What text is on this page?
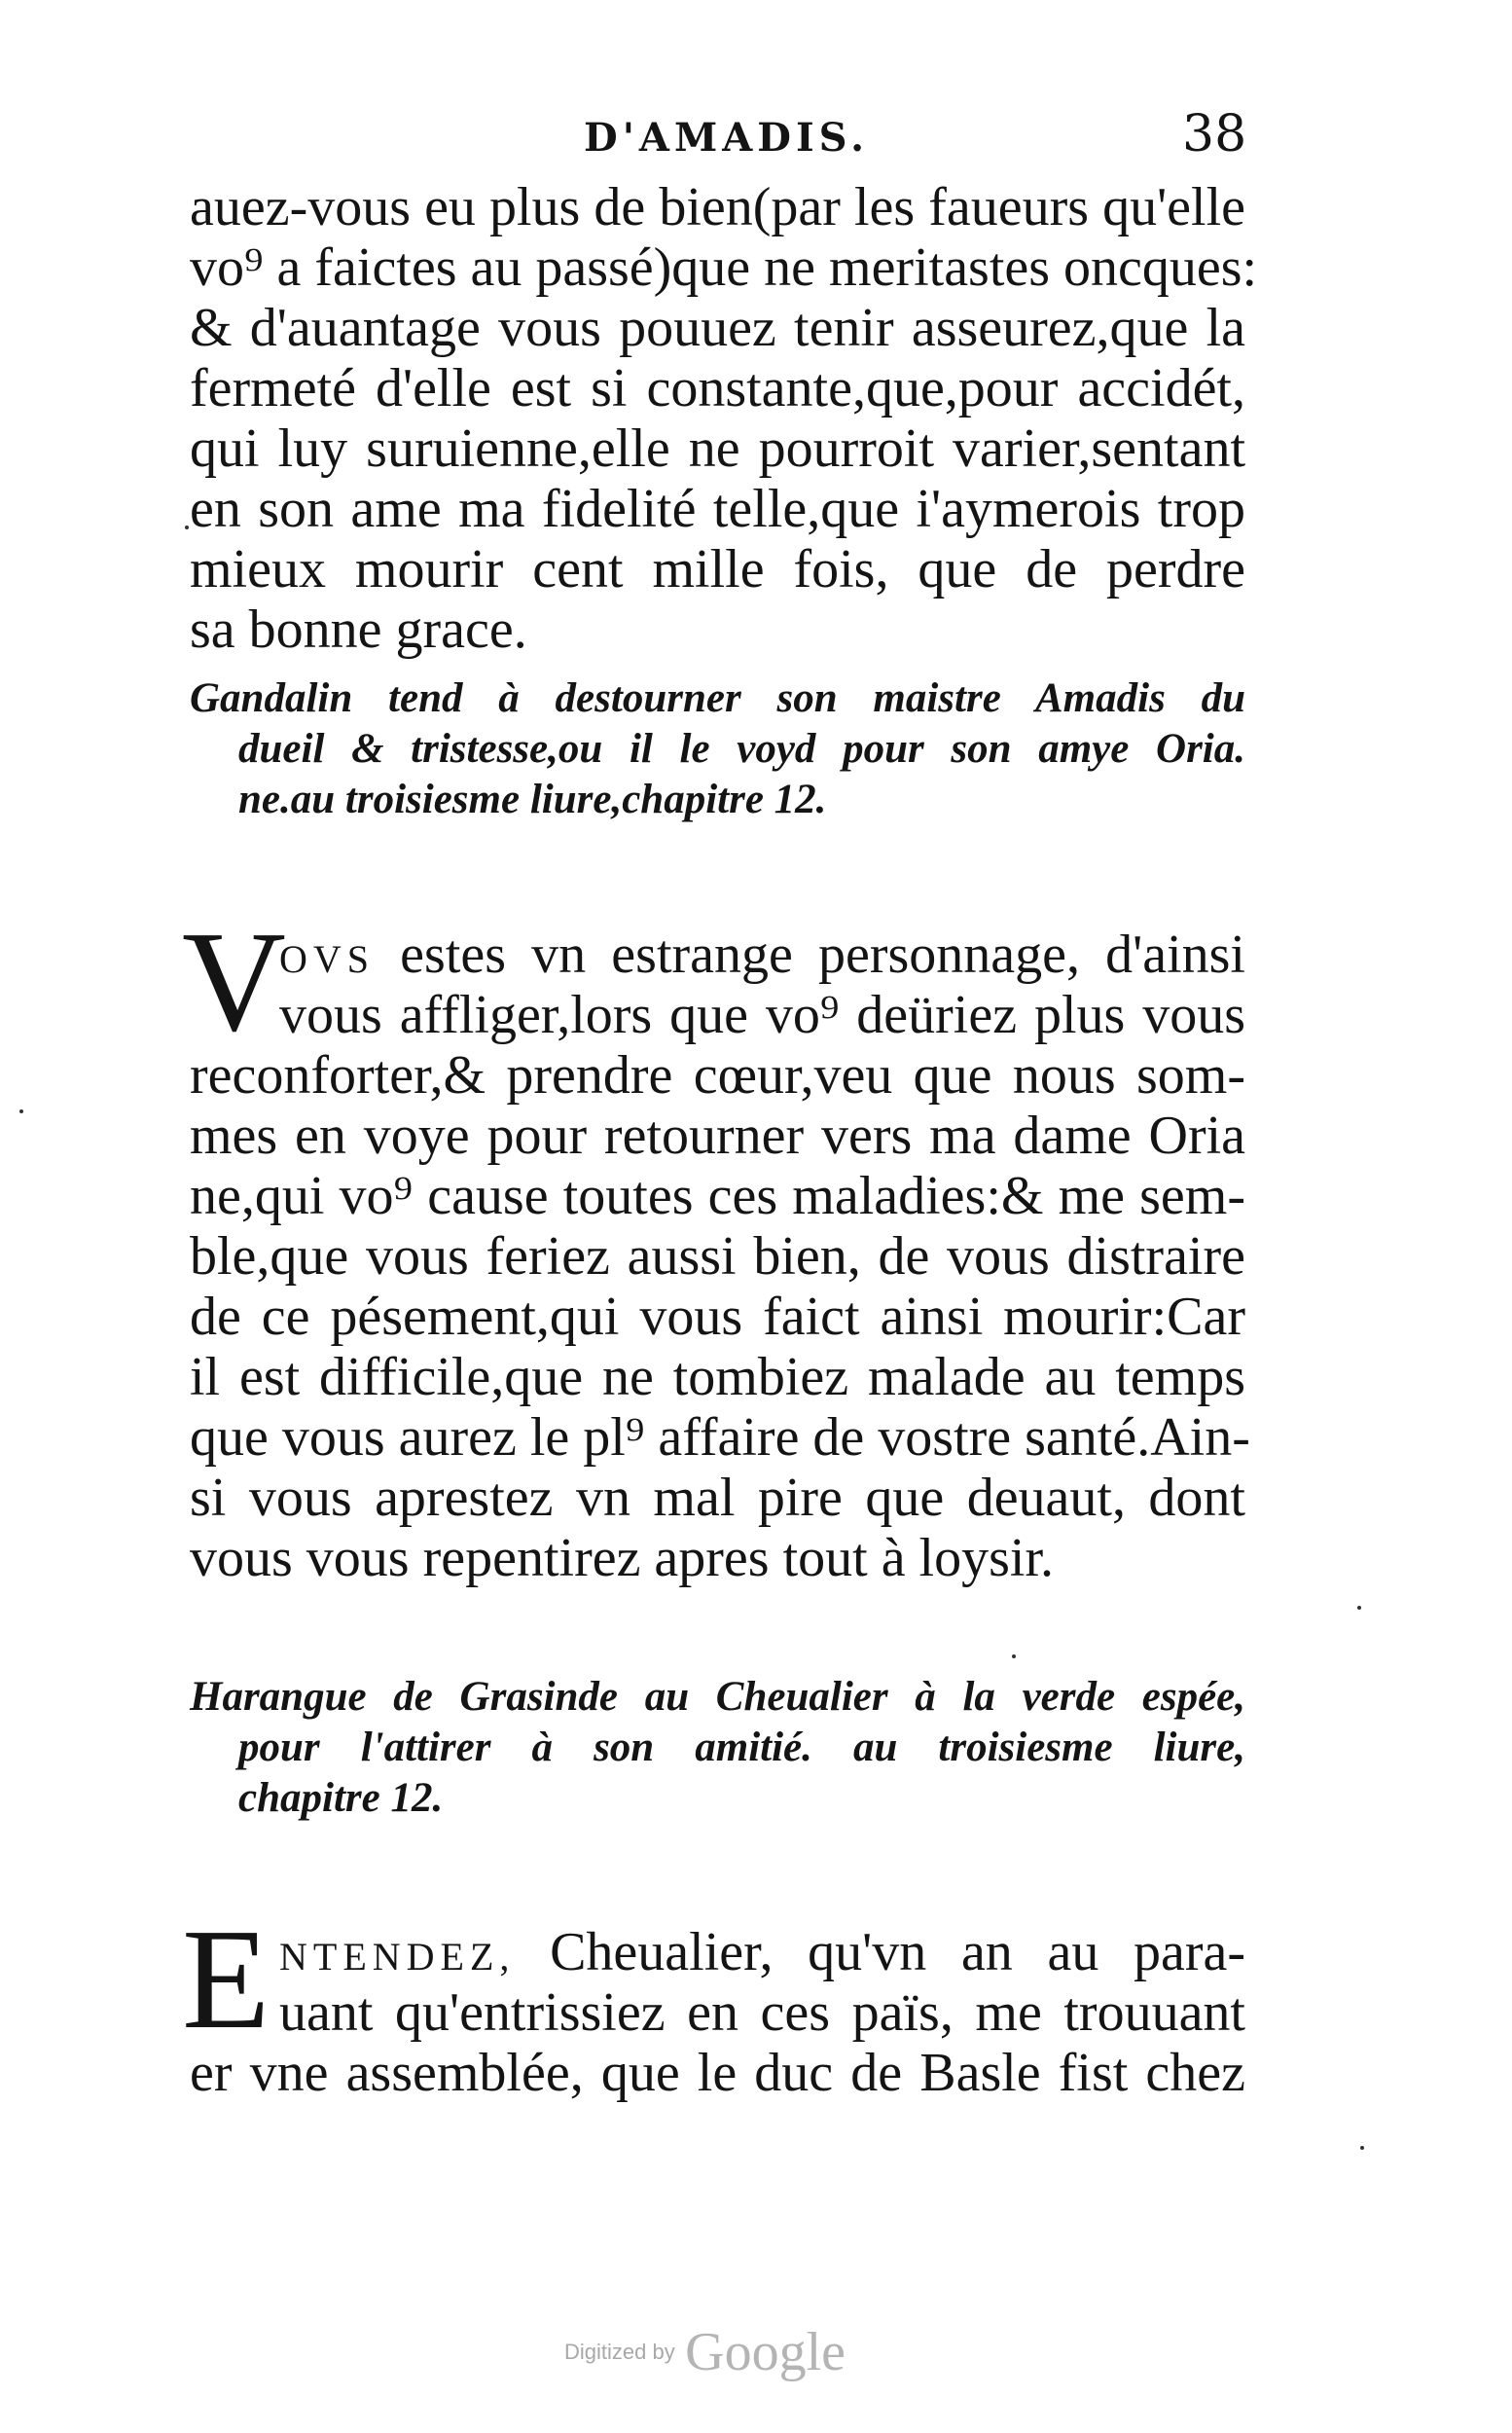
D'AMADIS.	38
auez-vous eu plus de bien(par les faueurs qu'elle
vo⁹ a faictes au passé)que ne meritastes oncques:
& d'auantage vous pouuez tenir asseurez,que la
fermeté d'elle est si constante,que,pour accidét,
qui luy suruienne,elle ne pourroit varier,sentant
en son ame ma fidelité telle,que i'aymerois trop
mieux mourir cent mille fois, que de perdre
sa bonne grace.
Gandalin tend à destourner son maistre Amadis du
dueil & tristesse,ou il le voyd pour son amye Oria.
ne.au troisiesme liure,chapitre 12.
V
OVS estes vn estrange personnage, d'ainsi
vous affliger,lors que vo⁹ deüriez plus vous
reconforter,& prendre cœur,veu que nous som-
mes en voye pour retourner vers ma dame Oria
ne,qui vo⁹ cause toutes ces maladies:& me sem-
ble,que vous feriez aussi bien, de vous distraire
de ce pésement,qui vous faict ainsi mourir:Car
il est difficile,que ne tombiez malade au temps
que vous aurez le pl⁹ affaire de vostre santé.Ain-
si vous aprestez vn mal pire que deuaut, dont
vous vous repentirez apres tout à loysir.
Harangue de Grasinde au Cheualier à la verde espée,
pour l'attirer à son amitié. au troisiesme liure,
chapitre 12.
E NTENDEZ, Cheualier, qu'vn an au para-
uant qu'entrissiez en ces païs, me trouuant
er vne assemblée, que le duc de Basle fist chez
Digitized by Google
